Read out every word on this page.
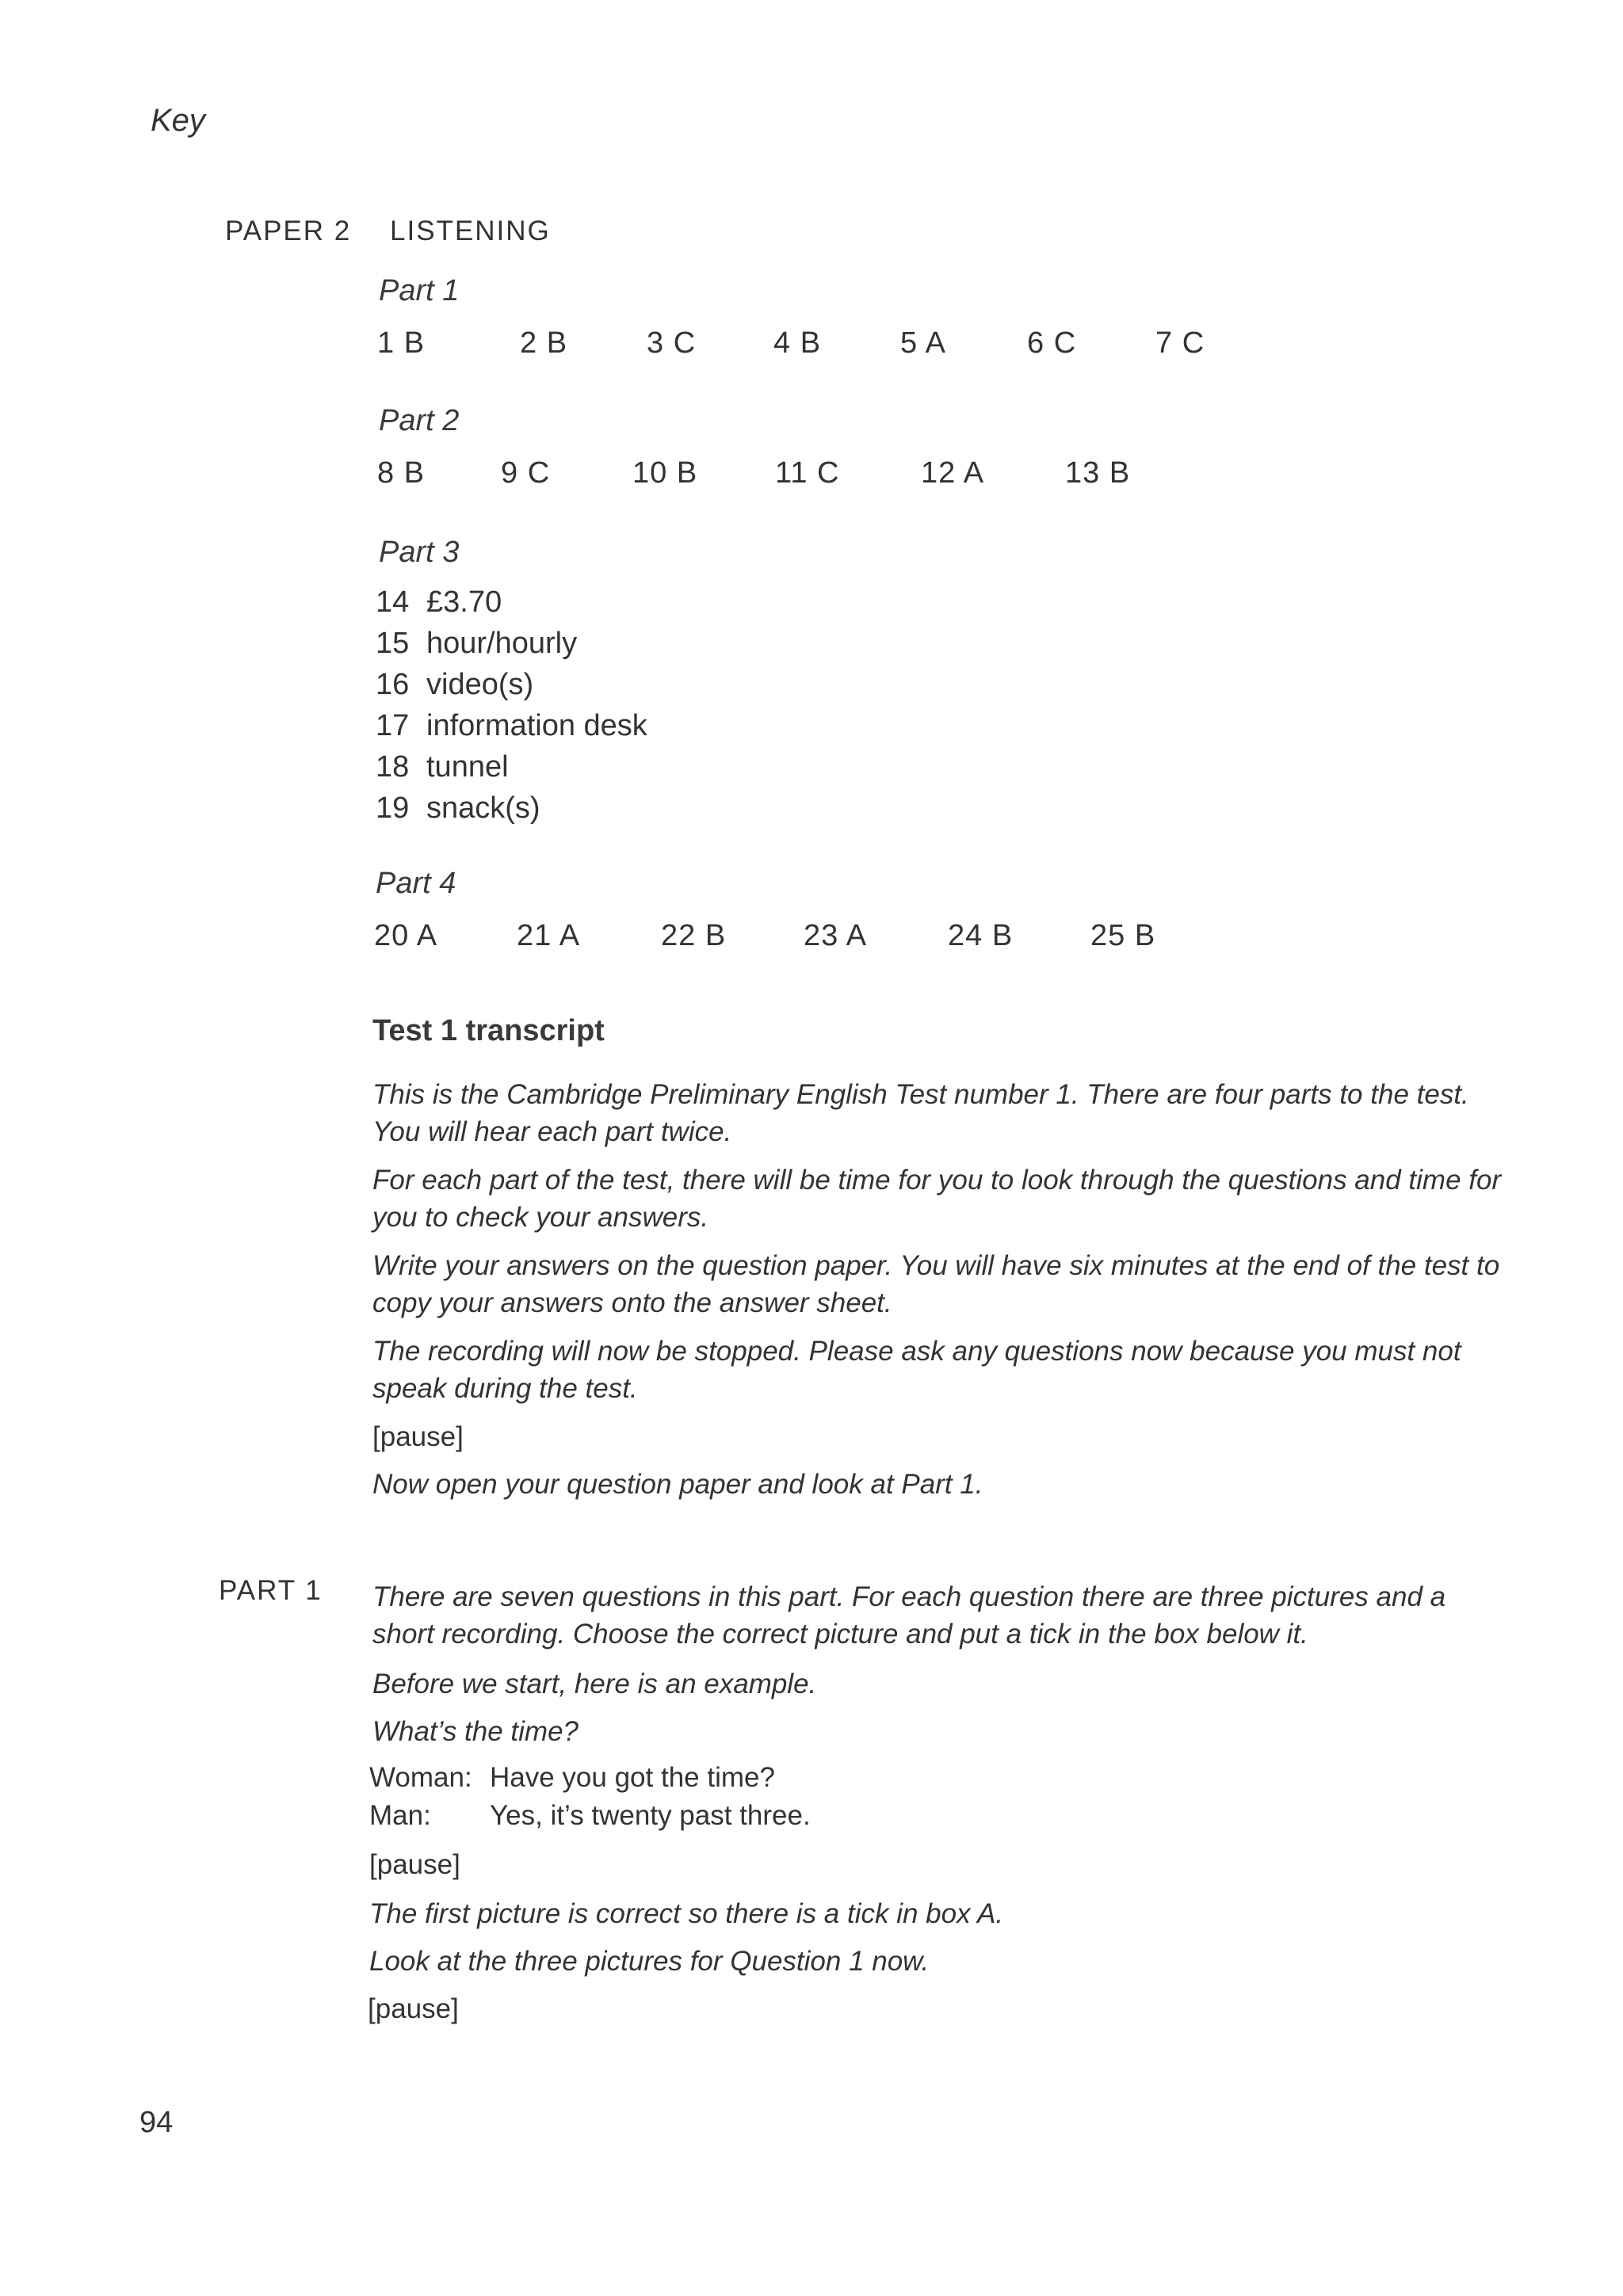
Key
PAPER 2 LISTENING
Part 1
1 B	2 B	3 C	4 B	5 A	6 C	7 C
Part 2
8 B	9 C	10 B	11 C	12 A	13 B
Part 3
14 £3.70
15 hour/hourly
16 video(s)
17 information desk
18 tunnel
19 snack(s)
Part 4
20 A	21 A	22 B	23 A	24 B	25 B
Test 1 transcript
This is the Cambridge Preliminary English Test number 1. There are four parts to the test. You will hear each part twice.
For each part of the test, there will be time for you to look through the questions and time for you to check your answers.
Write your answers on the question paper. You will have six minutes at the end of the test to copy your answers onto the answer sheet.
The recording will now be stopped. Please ask any questions now because you must not speak during the test.
[pause]
Now open your question paper and look at Part 1.
PART 1 There are seven questions in this part. For each question there are three pictures and a short recording. Choose the correct picture and put a tick in the box below it.
Before we start, here is an example.
What’s the time?
Woman: Have you got the time?
Man: Yes, it’s twenty past three.
[pause]
The first picture is correct so there is a tick in box A.
Look at the three pictures for Question 1 now.
[pause]
94
